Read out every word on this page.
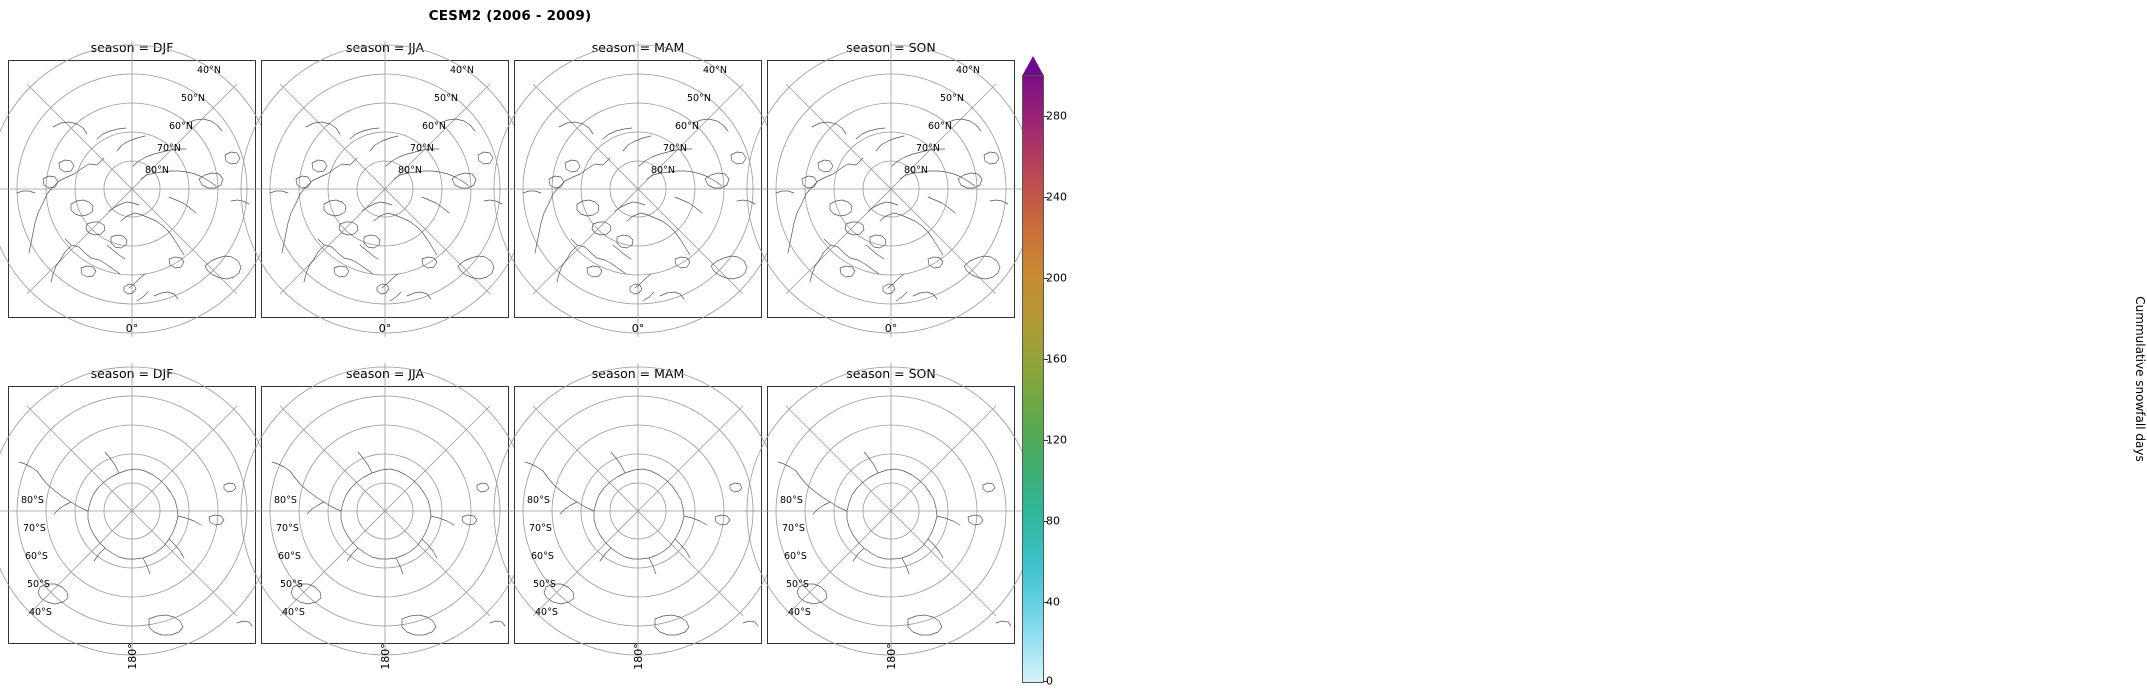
CESM2 (2006 - 2009)
season = DJF
40°N
50°N
60°N
70°N
80°N
0°
season = JJA
40°N
50°N
60°N
70°N
80°N
0°
season = MAM
40°N
50°N
60°N
70°N
80°N
0°
season = SON
40°N
50°N
60°N
70°N
80°N
0°
season = DJF
80°S
70°S
60°S
50°S
40°S
180°
season = JJA
80°S
70°S
60°S
50°S
40°S
180°
season = MAM
80°S
70°S
60°S
50°S
40°S
180°
season = SON
80°S
70°S
60°S
50°S
40°S
180°
280
240
200
160
120
80
40
0
Cummulative snowfall days
